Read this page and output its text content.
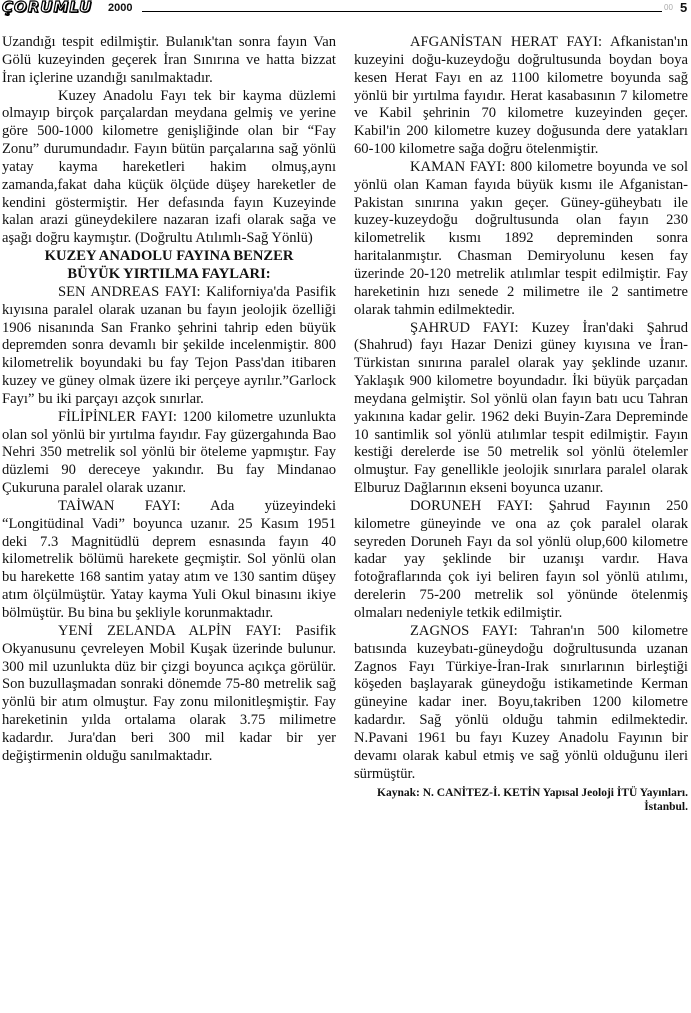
ÇORUMLU 2000	00 5

Uzandığı tespit edilmiştir. Bulanık'tan sonra fayın Van Gölü kuzeyinden geçerek İran Sınırına ve hatta bizzat İran içlerine uzandığı sanılmaktadır.

Kuzey Anadolu Fayı tek bir kayma düzlemi olmayıp birçok parçalardan meydana gelmiş ve yerine göre 500-1000 kilometre genişliğinde olan bir “Fay Zonu” durumundadır. Fayın bütün parçalarına sağ yönlü yatay kayma hareketleri hakim olmuş,aynı zamanda,fakat daha küçük ölçüde düşey hareketler de kendini göstermiştir. Her defasında fayın Kuzeyinde kalan arazi güneydekilere nazaran izafi olarak sağa ve aşağı doğru kaymıştır. (Doğrultu Atılımlı-Sağ Yönlü)

KUZEY ANADOLU FAYINA BENZER
BÜYÜK YIRTILMA FAYLARI:

SEN ANDREAS FAYI: Kaliforniya'da Pasifik kıyısına paralel olarak uzanan bu fayın jeolojik özelliği 1906 nisanında San Franko şehrini tahrip eden büyük depremden sonra devamlı bir şekilde incelenmiştir. 800 kilometrelik boyundaki bu fay Tejon Pass'dan itibaren kuzey ve güney olmak üzere iki perçeye ayrılır.”Garlock Fayı” bu iki parçayı azçok sınırlar.

FİLİPİNLER FAYI: 1200 kilometre uzunlukta olan sol yönlü bir yırtılma fayıdır. Fay güzergahında Bao Nehri 350 metrelik sol yönlü bir öteleme yapmıştır. Fay düzlemi 90 dereceye yakındır. Bu fay Mindanao Çukuruna paralel olarak uzanır.

TAİWAN FAYI: Ada yüzeyindeki “Longitüdinal Vadi” boyunca uzanır. 25 Kasım 1951 deki 7.3 Magnitüdlü deprem esnasında fayın 40 kilometrelik bölümü harekete geçmiştir. Sol yönlü olan bu harekette 168 santim yatay atım ve 130 santim düşey atım ölçülmüştür. Yatay kayma Yuli Okul binasını ikiye bölmüştür. Bu bina bu şekliyle korunmaktadır.

YENİ ZELANDA ALPİN FAYI: Pasifik Okyanusunu çevreleyen Mobil Kuşak üzerinde bulunur. 300 mil uzunlukta düz bir çizgi boyunca açıkça görülür. Son buzullaşmadan sonraki dönemde 75-80 metrelik sağ yönlü bir atım olmuştur. Fay zonu milonitleşmiştir. Fay hareketinin yılda ortalama olarak 3.75 milimetre kadardır. Jura'dan beri 300 mil kadar bir yer değiştirmenin olduğu sanılmaktadır.

AFGANİSTAN HERAT FAYI: Afkanistan'ın kuzeyini doğu-kuzeydoğu doğrultusunda boydan boya kesen Herat Fayı en az 1100 kilometre boyunda sağ yönlü bir yırtılma fayıdır. Herat kasabasının 7 kilometre ve Kabil şehrinin 70 kilometre kuzeyinden geçer. Kabil'in 200 kilometre kuzey doğusunda dere yatakları 60-100 kilometre sağa doğru ötelenmiştir.

KAMAN FAYI: 800 kilometre boyunda ve sol yönlü olan Kaman fayıda büyük kısmı ile Afganistan-Pakistan sınırına yakın geçer. Güney-güheybatı ile kuzey-kuzeydoğu doğrultusunda olan fayın 230 kilometrelik kısmı 1892 depreminden sonra haritalanmıştır. Chasman Demiryolunu kesen fay üzerinde 20-120 metrelik atılımlar tespit edilmiştir. Fay hareketinin hızı senede 2 milimetre ile 2 santimetre olarak tahmin edilmektedir.

ŞAHRUD FAYI: Kuzey İran'daki Şahrud (Shahrud) fayı Hazar Denizi güney kıyısına ve İran-Türkistan sınırına paralel olarak yay şeklinde uzanır. Yaklaşık 900 kilometre boyundadır. İki büyük parçadan meydana gelmiştir. Sol yönlü olan fayın batı ucu Tahran yakınına kadar gelir. 1962 deki Buyin-Zara Depreminde 10 santimlik sol yönlü atılımlar tespit edilmiştir. Fayın kestiği derelerde ise 50 metrelik sol yönlü ötelemler olmuştur. Fay genellikle jeolojik sınırlara paralel olarak Elburuz Dağlarının ekseni boyunca uzanır.

DORUNEH FAYI: Şahrud Fayının 250 kilometre güneyinde ve ona az çok paralel olarak seyreden Doruneh Fayı da sol yönlü olup,600 kilometre kadar yay şeklinde bir uzanışı vardır. Hava fotoğraflarında çok iyi beliren fayın sol yönlü atılımı, derelerin 75-200 metrelik sol yönünde ötelenmiş olmaları nedeniyle tetkik edilmiştir.

ZAGNOS FAYI: Tahran'ın 500 kilometre batısında kuzeybatı-güneydoğu doğrultusunda uzanan Zagnos Fayı Türkiye-İran-Irak sınırlarının birleştiği köşeden başlayarak güneydoğu istikametinde Kerman güneyine kadar iner. Boyu,takriben 1200 kilometre kadardır. Sağ yönlü olduğu tahmin edilmektedir. N.Pavani 1961 bu fayı Kuzey Anadolu Fayının bir devamı olarak kabul etmiş ve sağ yönlü olduğunu ileri sürmüştür.

Kaynak: N. CANİTEZ-İ. KETİN Yapısal Jeoloji İTÜ Yayınları. İstanbul.
